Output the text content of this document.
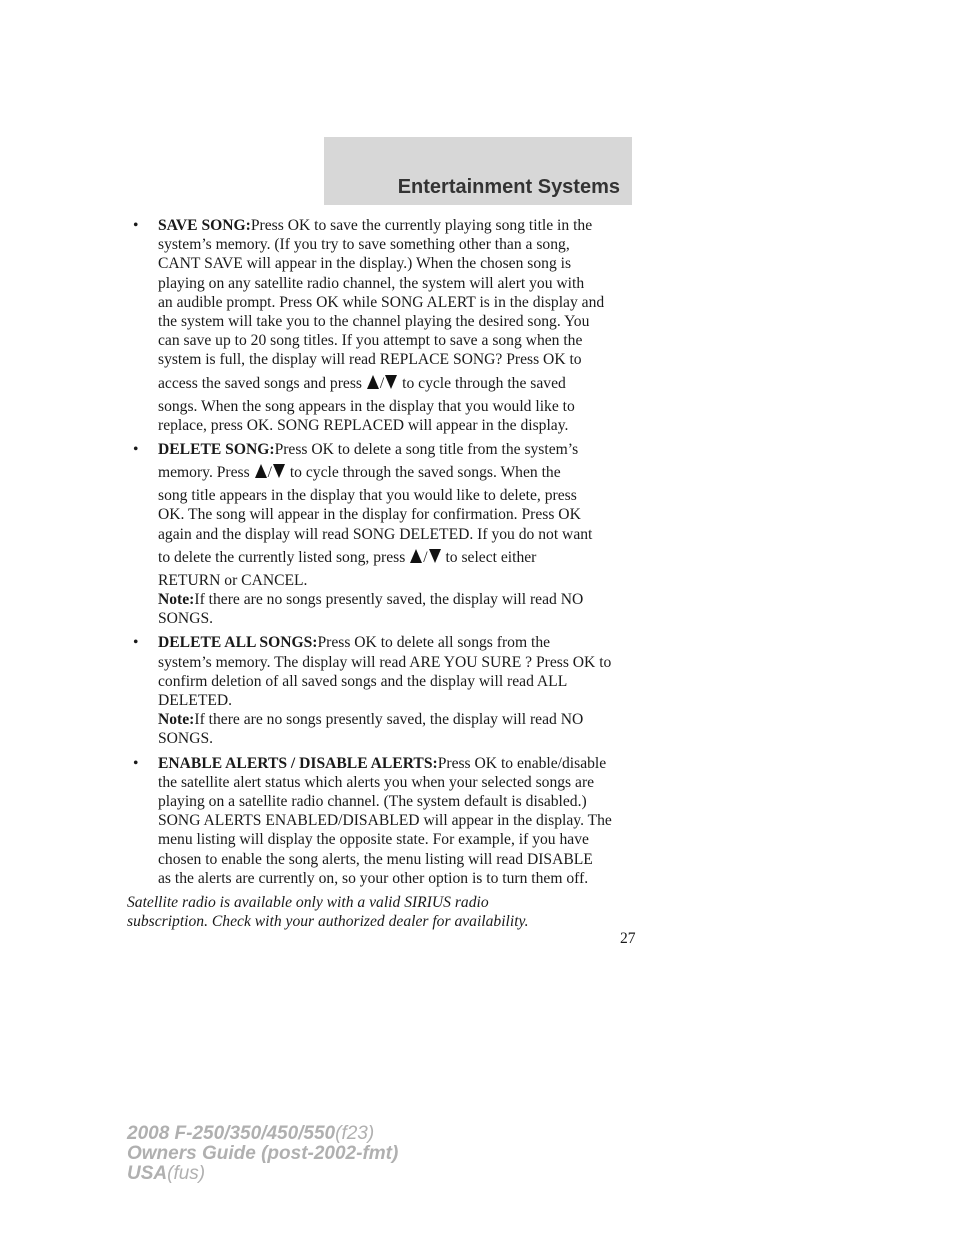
Entertainment Systems
• SAVE SONG:Press OK to save the currently playing song title in the
system’s memory. (If you try to save something other than a song,
CANT SAVE will appear in the display.) When the chosen song is
playing on any satellite radio channel, the system will alert you with
an audible prompt. Press OK while SONG ALERT is in the display and
the system will take you to the channel playing the desired song. You
can save up to 20 song titles. If you attempt to save a song when the
system is full, the display will read REPLACE SONG? Press OK to
access the saved songs and press / to cycle through the saved
songs. When the song appears in the display that you would like to
replace, press OK. SONG REPLACED will appear in the display.
• DELETE SONG:Press OK to delete a song title from the system’s
memory. Press / to cycle through the saved songs. When the
song title appears in the display that you would like to delete, press
OK. The song will appear in the display for confirmation. Press OK
again and the display will read SONG DELETED. If you do not want
to delete the currently listed song, press / to select either
RETURN or CANCEL.
Note:If there are no songs presently saved, the display will read NO
SONGS.
• DELETE ALL SONGS:Press OK to delete all songs from the
system’s memory. The display will read ARE YOU SURE ? Press OK to
confirm deletion of all saved songs and the display will read ALL
DELETED.
Note:If there are no songs presently saved, the display will read NO
SONGS.
• ENABLE ALERTS / DISABLE ALERTS:Press OK to enable/disable
the satellite alert status which alerts you when your selected songs are
playing on a satellite radio channel. (The system default is disabled.)
SONG ALERTS ENABLED/DISABLED will appear in the display. The
menu listing will display the opposite state. For example, if you have
chosen to enable the song alerts, the menu listing will read DISABLE
as the alerts are currently on, so your other option is to turn them off.

Satellite radio is available only with a valid SIRIUS radio
subscription. Check with your authorized dealer for availability.

27

2008 F-250/350/450/550(f23)
Owners Guide (post-2002-fmt)
USA(fus)
